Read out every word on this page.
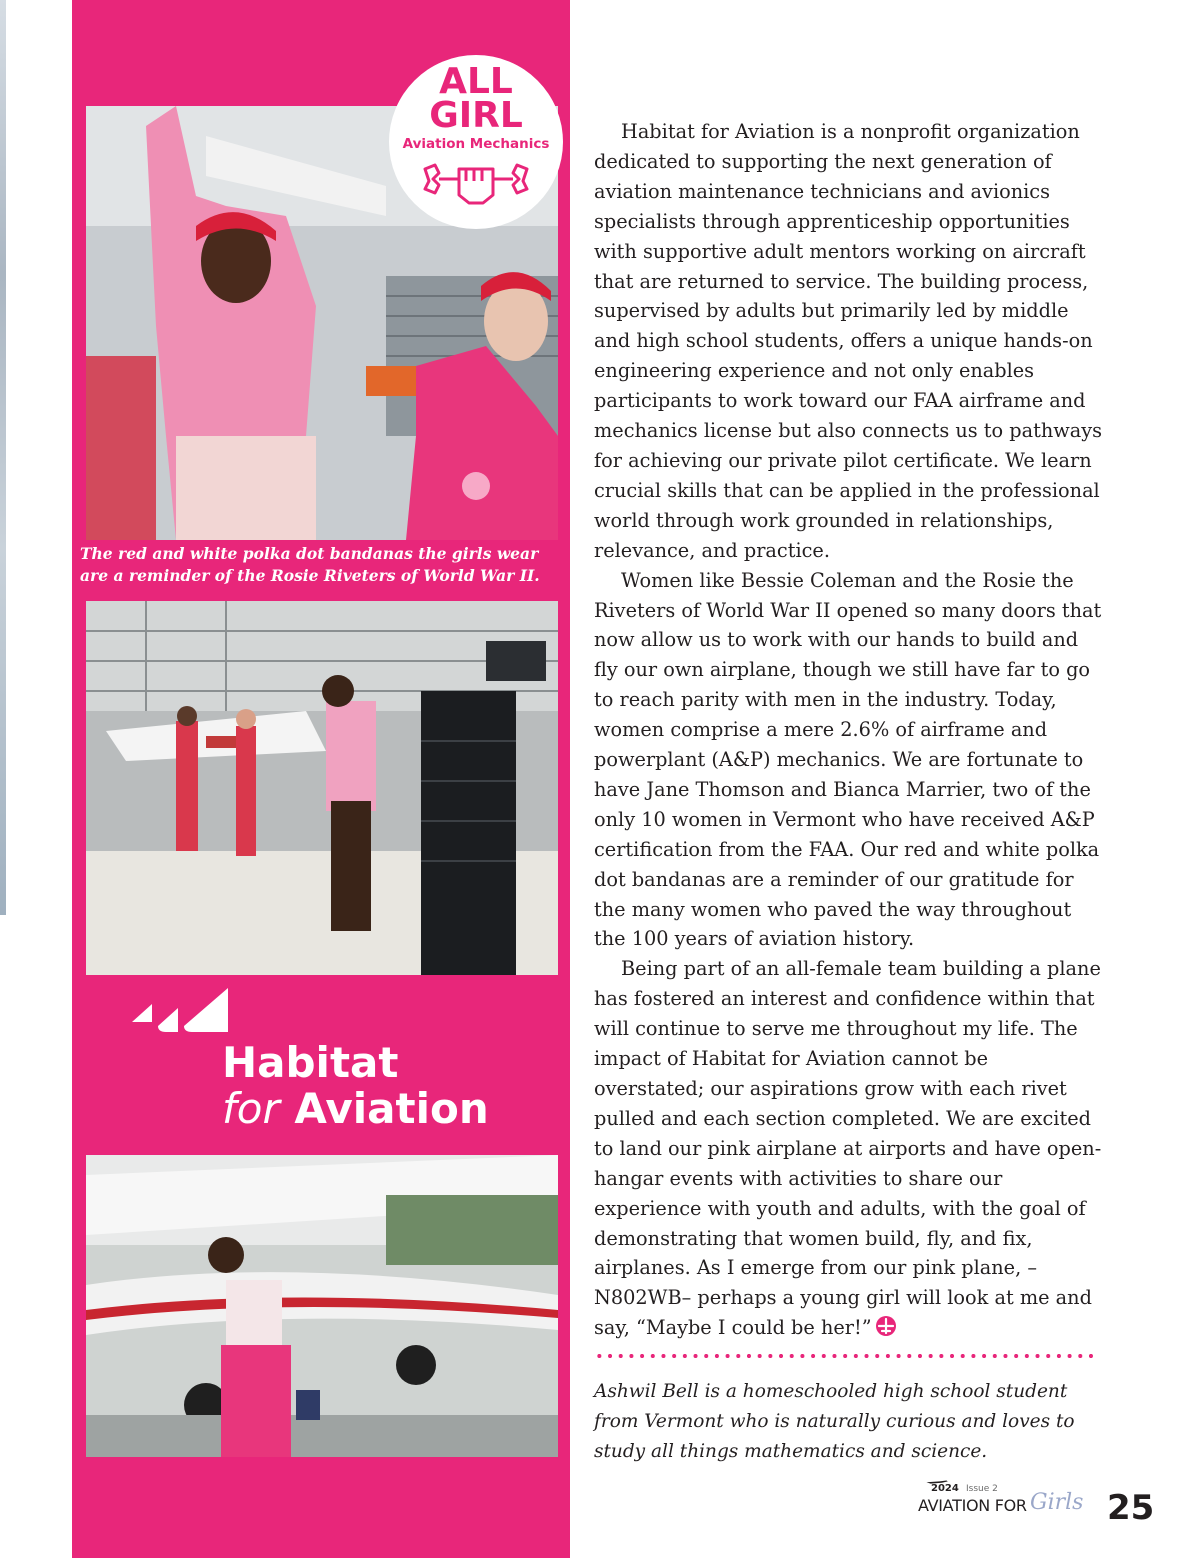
ALL
GIRL
Aviation Mechanics

The red and white polka dot bandanas the girls wear are a reminder of the Rosie Riveters of World War II.

Habitat
for Aviation

Habitat for Aviation is a nonprofit organization dedicated to supporting the next generation of aviation maintenance technicians and avionics specialists through apprenticeship opportunities with supportive adult mentors working on aircraft that are returned to service. The building process, supervised by adults but primarily led by middle and high school students, offers a unique hands-on engineering experience and not only enables participants to work toward our FAA airframe and mechanics license but also connects us to pathways for achieving our private pilot certificate. We learn crucial skills that can be applied in the professional world through work grounded in relationships, relevance, and practice.

Women like Bessie Coleman and the Rosie the Riveters of World War II opened so many doors that now allow us to work with our hands to build and fly our own airplane, though we still have far to go to reach parity with men in the industry. Today, women comprise a mere 2.6% of airframe and powerplant (A&P) mechanics. We are fortunate to have Jane Thomson and Bianca Marrier, two of the only 10 women in Vermont who have received A&P certification from the FAA. Our red and white polka dot bandanas are a reminder of our gratitude for the many women who paved the way throughout the 100 years of aviation history.

Being part of an all-female team building a plane has fostered an interest and confidence within that will continue to serve me throughout my life. The impact of Habitat for Aviation cannot be overstated; our aspirations grow with each rivet pulled and each section completed. We are excited to land our pink airplane at airports and have open-hangar events with activities to share our experience with youth and adults, with the goal of demonstrating that women build, fly, and fix, airplanes. As I emerge from our pink plane, –N802WB– perhaps a young girl will look at me and say, “Maybe I could be her!”

Ashwil Bell is a homeschooled high school student from Vermont who is naturally curious and loves to study all things mathematics and science.

2024 Issue 2
AVIATION FOR Girls 25
